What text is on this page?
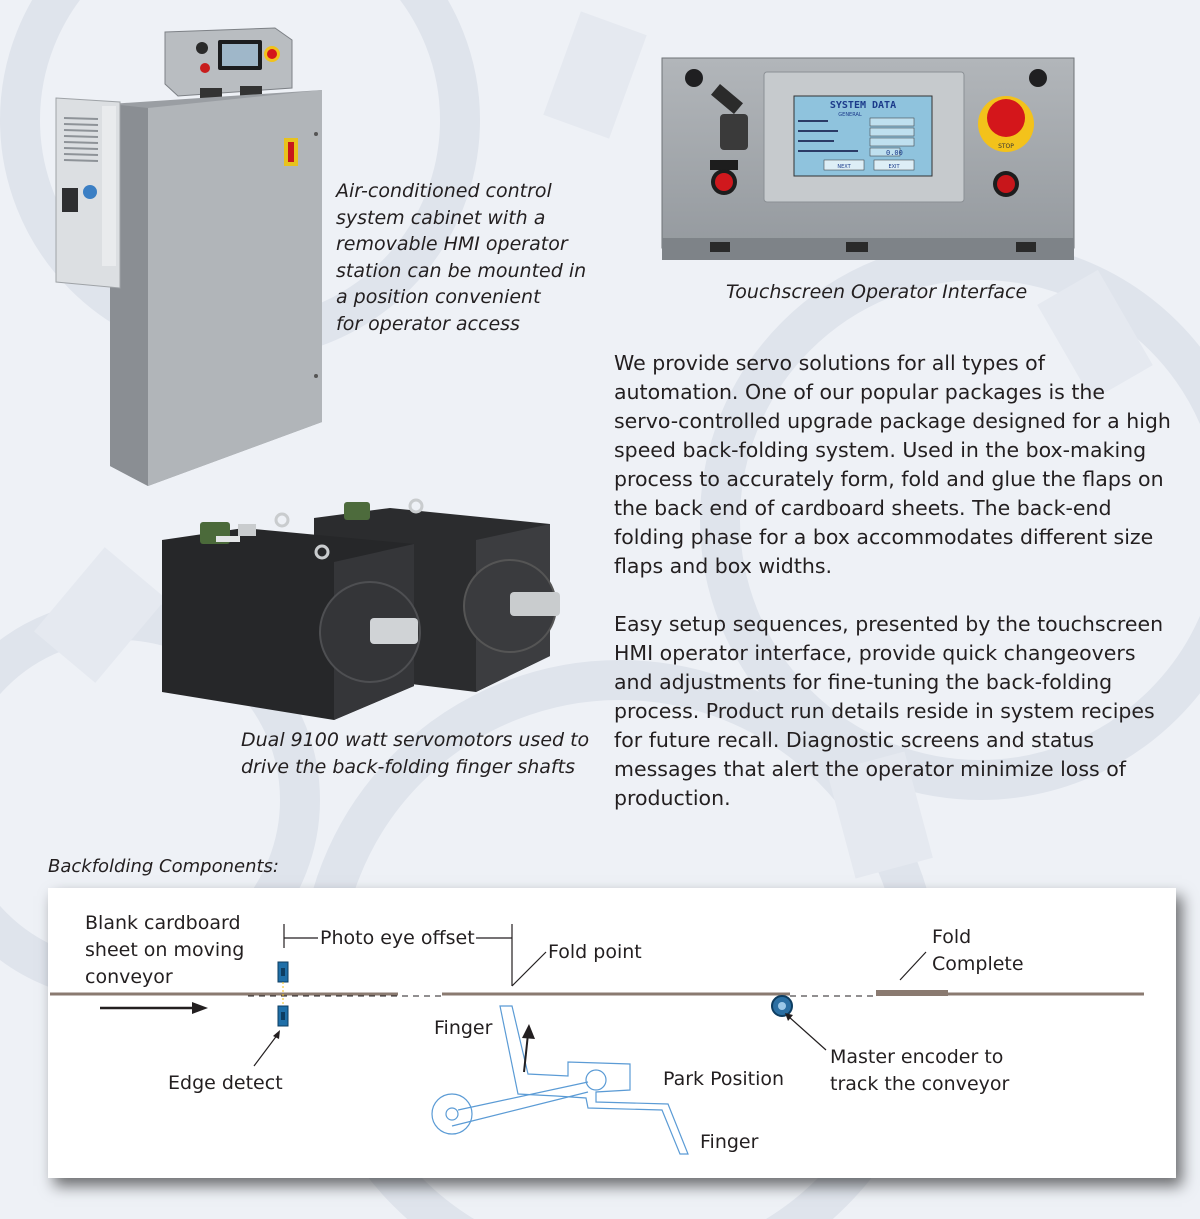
Air-conditioned control
system cabinet with a
removable HMI operator
station can be mounted in
a position convenient
for operator access
SYSTEM DATA
GENERAL
0.00
NEXT	EXIT
STOP
Touchscreen Operator Interface

We provide servo solutions for all types of automation. One of our popular packages is the servo-controlled upgrade package designed for a high speed back-folding system. Used in the box-making process to accurately form, fold and glue the flaps on the back end of cardboard sheets. The back-end folding phase for a box accommodates different size flaps and box widths.

Easy setup sequences, presented by the touchscreen HMI operator interface, provide quick changeovers and adjustments for fine-tuning the back-folding process. Product run details reside in system recipes for future recall. Diagnostic screens and status messages that alert the operator minimize loss of production.

Dual 9100 watt servomotors used to
drive the back-folding finger shafts
Backfolding Components:
Blank cardboard
sheet on moving
conveyor
Photo eye offset
Fold point
Fold
Complete
Edge detect
Finger
Park Position
Finger
Master encoder to
track the conveyor
